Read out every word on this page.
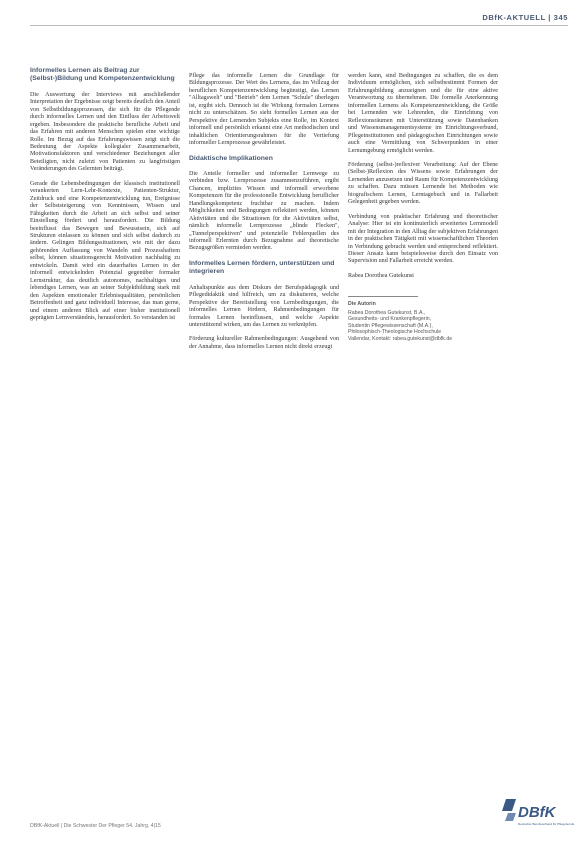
DBfK-AKTUELL | 345
Informelles Lernen als Beitrag zur (Selbst-)Bildung und Kompetenzentwicklung

Die Auswertung der Interviews mit anschließender Interpretation der Ergebnisse zeigt bereits deutlich den Anteil von Selbstbildungsprozessen, die sich für die Pflegende durch informelles Lernen und den Einfluss der Arbeitswelt ergeben. Insbesondere die praktische berufliche Arbeit und das Erfahren mit anderen Menschen spielen eine wichtige Rolle. Im Bezug auf das Erfahrungswissen zeigt sich die Bedeutung der Aspekte kollegialer Zusammenarbeit, Motivationsfaktoren und verschiedener Beziehungen aller Beteiligten, nicht zuletzt von Patienten zu langfristigen Veränderungen des Gelernten beiträgt.

Gerade die Lebensbedingungen der klassisch institutionell verankerten Lern-Lehr-Kontexte, Patienten-Struktur, Zeitdruck und eine Kompetenzentwicklung tun, Ereignisse der Selbststeigerung von Kenntnissen, Wissen und Fähigkeiten durch die Arbeit an sich selbst und seiner Einstellung fördert und herausfordert. Die Bildung beeinflusst das Bewegen und Bewusstsein, sich auf Strukturen einlassen zu können und sich selbst dadurch zu ändern. Gelingen Bildungssituationen, wie mit der dazu gehörenden Auffassung von Wandeln und Prozesshaftem selbst, können situationsgerecht Motivation nachhaltig zu entwickeln. Damit wird ein dauerhaftes Lernen in der informell entwickelnden Potenzial gegenüber formaler Lernstruktur, das deutlich autonomes, nachhaltiges und lebendiges Lernen, was an seiner Subjektbildung stark mit den Aspekten emotionaler Erlebnisqualitäten, persönlichen Betroffenheit und ganz individuell Interesse, das man gerne, und einem anderen Blick auf einer bisher institutionell geprägten Lernverständnis, herausfordert. So verstanden ist

Pflege das informelle Lernen die Grundlage für Bildungsprozesse. Der Wert des Lernens, das im Vollzug der beruflichen Kompetenzentwicklung begünstigt, das Lernen "Alltagswelt" und "Betrieb" dem Lernen "Schule" überlegen ist, ergibt sich. Dennoch ist die Wirkung formalen Lernens nicht zu unterschätzen. So sieht formelles Lernen aus der Perspektive der Lernenden Subjekts eine Rolle, im Kontext informell und persönlich erkannt eine Art methodischen und inhaltlichen Orientierungsrahmen für die Vertiefung informeller Lernprozesse gewährleistet.

Didaktische Implikationen

Die Anteile formeller und informeller Lernwege zu verbinden bzw. Lernprozesse zusammenzuführen, ergibt Chancen, implizites Wissen und informell erworbene Kompetenzen für die professionelle Entwicklung beruflicher Handlungskompetenz fruchtbar zu machen. Indem Möglichkeiten und Bedingungen reflektiert werden, können Aktivitäten und die Situationen für die Aktivitäten selbst, nämlich informelle Lernprozesse „blinde Flecken", „Tunnelperspektiven" und potenzielle Fehlerquellen des informell Erlernten durch Bezugnahme auf theoretische Bezugsgrößen vermieden werden.

Informelles Lernen fördern, unterstützen und integrieren

Anhaltspunkte aus dem Diskurs der Berufspädagogik und Pflegedidaktik sind hilfreich, um zu diskutieren, welche Perspektive der Bereitstellung von Lernbedingungen, die informelles Lernen fördern, Rahmenbedingungen für formales Lernen beeinflussen, und welche Aspekte unterstützend wirken, um das Lernen zu verknüpfen.

Förderung kultureller Rahmenbedingungen: Ausgehend von der Annahme, dass informelles Lernen nicht direkt erzeugt

werden kann, sind Bedingungen zu schaffen, die es dem Individuum ermöglichen, sich selbstbestimmt Formen der Erfahrungsbildung anzueignen und die für eine aktive Verantwortung zu übernehmen. Die formelle Anerkennung informellen Lernens als Kompetenzentwicklung, die Größe bei Lernenden wie Lehrenden, die Einrichtung von Reflexionsräumen mit Unterstützung sowie Datenbanken und Wissensmanagementsysteme im Einrichtungsverbund, Pflegeinstitutionen und pädagogischen Einrichtungen sowie auch eine Vermittlung von Schwerpunkten in einer Lernumgebung ermöglicht werden.

Förderung (selbst-)reflexiver Verarbeitung: Auf der Ebene (Selbst-)Reflexion des Wissens sowie Erfahrungen der Lernenden anzusetzen und Raum für Kompetenzentwicklung zu schaffen. Dazu müssen Lernende bei Methoden wie biografischem Lernen, Lerntagebuch und in Fallarbeit Gelegenheit gegeben werden.

Verbindung von praktischer Erfahrung und theoretischer Analyse: Hier ist ein kontinuierlich erweitertes Lernmodell mit der Integration in den Alltag der subjektiven Erfahrungen in der praktischen Tätigkeit mit wissenschaftlichen Theorien in Verbindung gebracht werden und entsprechend reflektiert. Dieser Ansatz kann beispielsweise durch den Einsatz von Supervision und Fallarbeit erreicht werden.

Rabea Dorothea Gutekunst
Die Autorin
Rabea Dorothea Gutekunst, B.A.,
Gesundheits- und Krankenpflegerin,
Studentin Pflegewissenschaft (M.A.),
Philosophisch-Theologische Hochschule
Vallendar, Kontakt: rabea.gutekunst@dbfk.de
DBfK-Aktuell | Die Schwester Der Pfleger 54. Jahrg. 4|15
DBfK
Deutscher Berufsverband für Pflegeberufe
